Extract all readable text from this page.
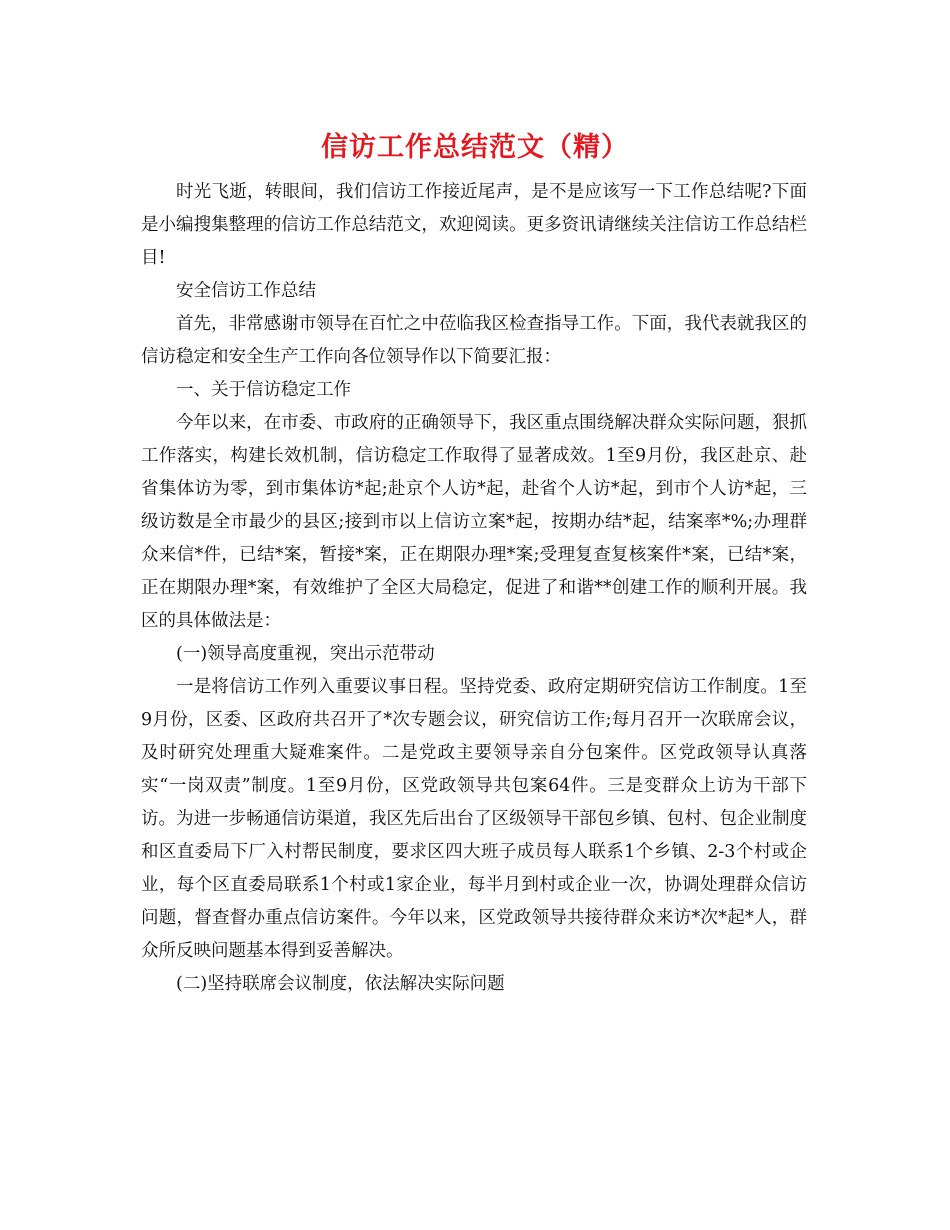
信访工作总结范文（精）

时光飞逝，转眼间，我们信访工作接近尾声，是不是应该写一下工作总结呢?下面是小编搜集整理的信访工作总结范文，欢迎阅读。更多资讯请继续关注信访工作总结栏目!

安全信访工作总结

首先，非常感谢市领导在百忙之中莅临我区检查指导工作。下面，我代表就我区的信访稳定和安全生产工作向各位领导作以下简要汇报：

一、关于信访稳定工作

今年以来，在市委、市政府的正确领导下，我区重点围绕解决群众实际问题，狠抓工作落实，构建长效机制，信访稳定工作取得了显著成效。1至9月份，我区赴京、赴省集体访为零，到市集体访*起;赴京个人访*起，赴省个人访*起，到市个人访*起，三级访数是全市最少的县区;接到市以上信访立案*起，按期办结*起，结案率*%;办理群众来信*件，已结*案，暂接*案，正在期限办理*案;受理复查复核案件*案，已结*案，正在期限办理*案，有效维护了全区大局稳定，促进了和谐**创建工作的顺利开展。我区的具体做法是：

(一)领导高度重视，突出示范带动

一是将信访工作列入重要议事日程。坚持党委、政府定期研究信访工作制度。1至9月份，区委、区政府共召开了*次专题会议，研究信访工作;每月召开一次联席会议，及时研究处理重大疑难案件。二是党政主要领导亲自分包案件。区党政领导认真落实“一岗双责”制度。1至9月份，区党政领导共包案64件。三是变群众上访为干部下访。为进一步畅通信访渠道，我区先后出台了区级领导干部包乡镇、包村、包企业制度和区直委局下厂入村帮民制度，要求区四大班子成员每人联系1个乡镇、2-3个村或企业，每个区直委局联系1个村或1家企业，每半月到村或企业一次，协调处理群众信访问题，督查督办重点信访案件。今年以来，区党政领导共接待群众来访*次*起*人，群众所反映问题基本得到妥善解决。

(二)坚持联席会议制度，依法解决实际问题
